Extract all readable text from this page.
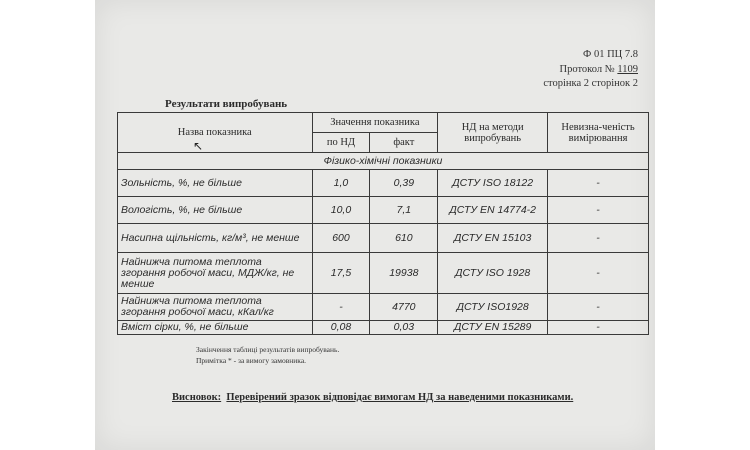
Ф 01 ПЦ 7.8
Протокол № 1109
сторінка 2 сторінок 2
Результати випробувань
Назва показника	Значення показника		НД на методи випробувань	Невизна-ченість вимірювання
	по НД	факт		
Фізико-хімічні показники				
Зольність, %, не більше	1,0	0,39	ДСТУ ISO 18122	-
Вологість, %, не більше	10,0	7,1	ДСТУ EN 14774-2	-
Насипна щільність, кг/м³, не менше	600	610	ДСТУ EN 15103	-
Найнижча питома теплота згорання робочої маси, МДЖ/кг, не менше	17,5	19938	ДСТУ ISO 1928	-
Найнижча питома теплота згорання робочої маси, кКал/кг	-	4770	ДСТУ ISO1928	-
Вміст сірки, %, не більше	0,08	0,03	ДСТУ EN 15289	-
↖
Закінчення таблиці результатів випробувань.
Примітка * - за вимогу замовника.
Висновок: Перевірений зразок відповідає вимогам НД за наведеними показниками.
